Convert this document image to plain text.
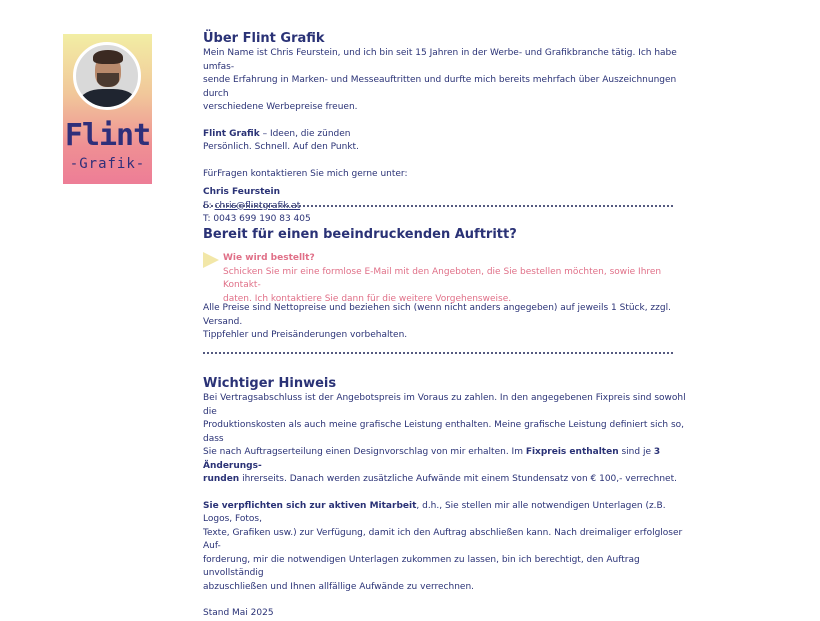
Flint
-Grafik-
Über Flint Grafik

Mein Name ist Chris Feurstein, und ich bin seit 15 Jahren in der Werbe- und Grafikbranche tätig. Ich habe umfas-
sende Erfahrung in Marken- und Messeauftritten und durfte mich bereits mehrfach über Auszeichnungen durch
verschiedene Werbepreise freuen.

Flint Grafik – Ideen, die zünden
Persönlich. Schnell. Auf den Punkt.

FürFragen kontaktieren Sie mich gerne unter:

Chris Feurstein
E: chris@flintgrafik.at
T: 0043 699 190 83 405

Bereit für einen beeindruckenden Auftritt?

Wie wird bestellt?

Schicken Sie mir eine formlose E-Mail mit den Angeboten, die Sie bestellen möchten, sowie Ihren Kontakt-
daten. Ich kontaktiere Sie dann für die weitere Vorgehensweise.

Alle Preise sind Nettopreise und beziehen sich (wenn nicht anders angegeben) auf jeweils 1 Stück, zzgl. Versand.
Tippfehler und Preisänderungen vorbehalten.

Wichtiger Hinweis

Bei Vertragsabschluss ist der Angebotspreis im Voraus zu zahlen. In den angegebenen Fixpreis sind sowohl die
Produktionskosten als auch meine grafische Leistung enthalten. Meine grafische Leistung definiert sich so, dass
Sie nach Auftragserteilung einen Designvorschlag von mir erhalten. Im Fixpreis enthalten sind je 3 Änderungs-
runden ihrerseits. Danach werden zusätzliche Aufwände mit einem Stundensatz von € 100,- verrechnet.

Sie verpflichten sich zur aktiven Mitarbeit, d.h., Sie stellen mir alle notwendigen Unterlagen (z.B. Logos, Fotos,
Texte, Grafiken usw.) zur Verfügung, damit ich den Auftrag abschließen kann. Nach dreimaliger erfolgloser Auf-
forderung, mir die notwendigen Unterlagen zukommen zu lassen, bin ich berechtigt, den Auftrag unvollständig
abzuschließen und Ihnen allfällige Aufwände zu verrechnen.

Stand Mai 2025
